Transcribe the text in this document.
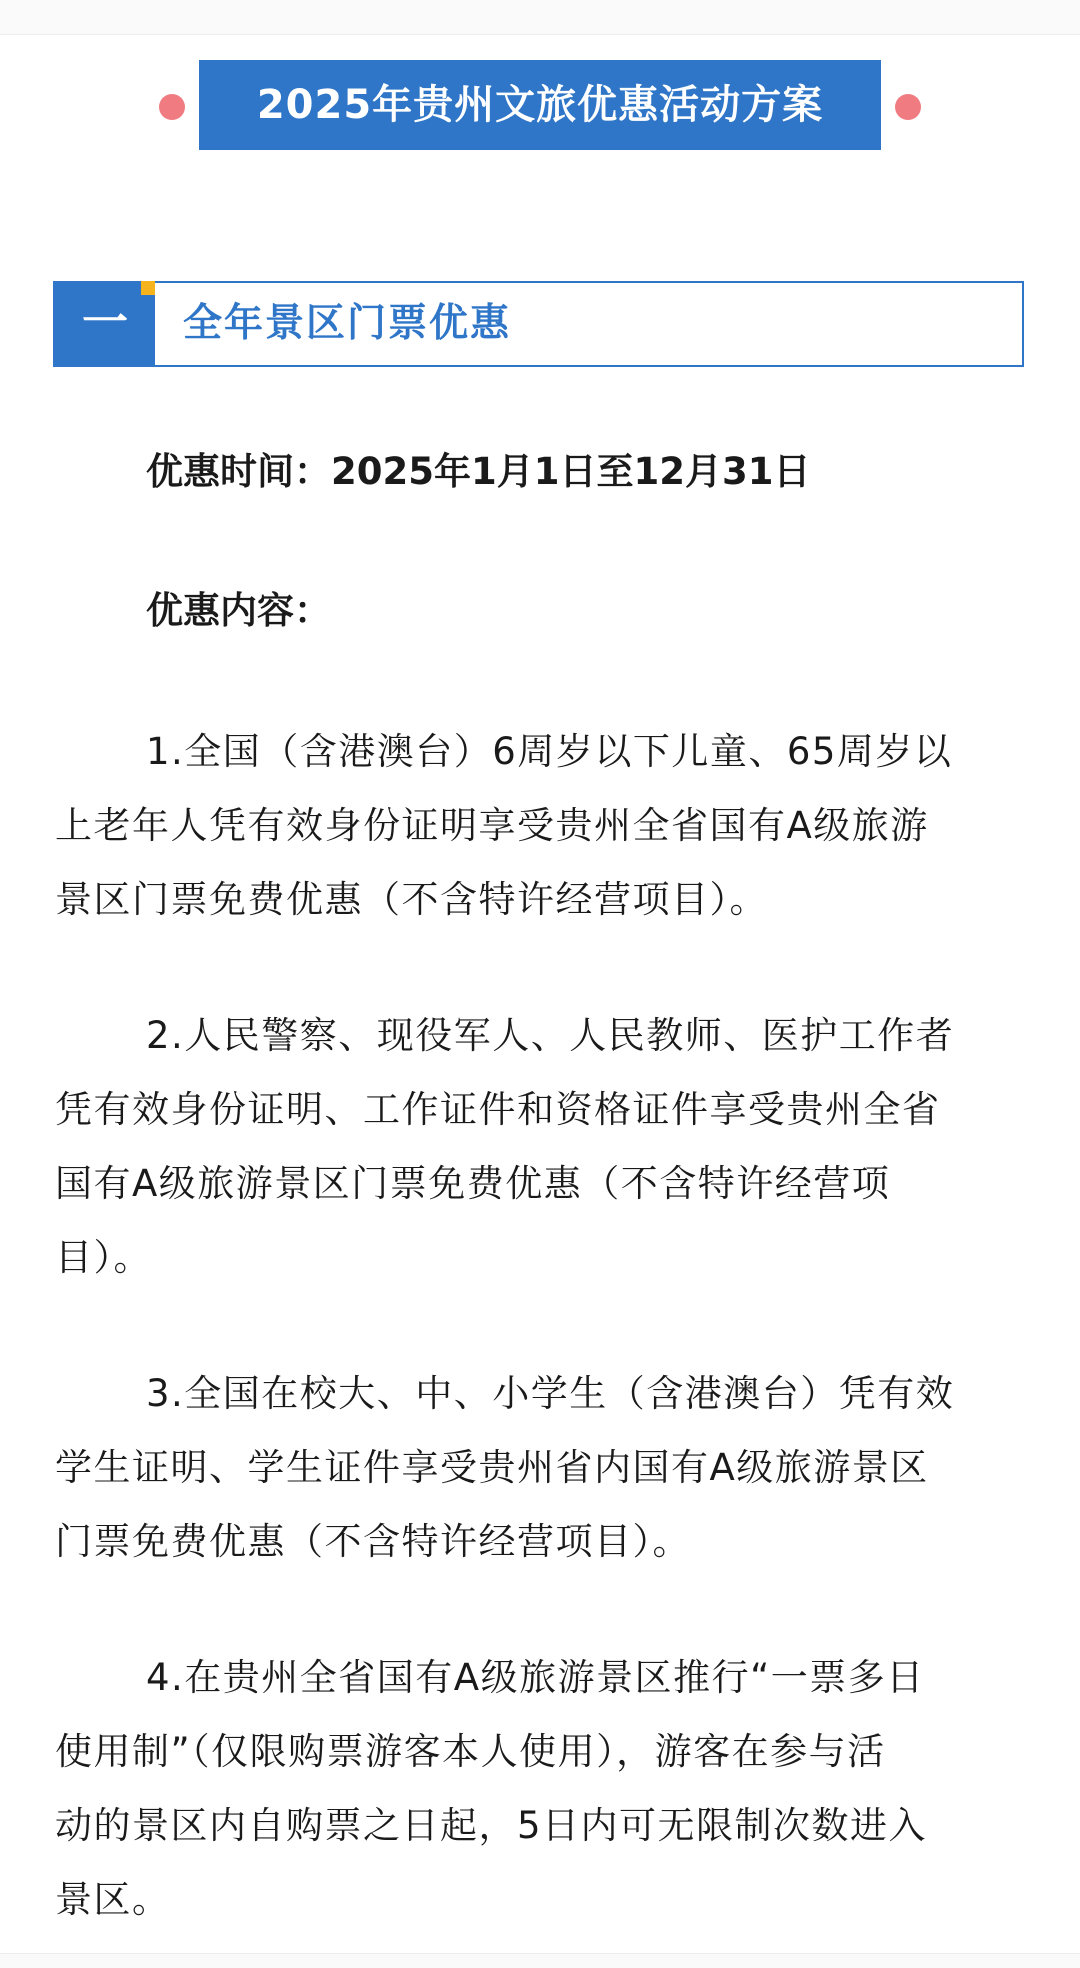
2025年贵州文旅优惠活动方案
一	全年景区门票优惠
优惠时间：2025年1月1日至12月31日
优惠内容：
1.全国（含港澳台）6周岁以下儿童、65周岁以
上老年人凭有效身份证明享受贵州全省国有A级旅游
景区门票免费优惠（不含特许经营项目）。
2.人民警察、现役军人、人民教师、医护工作者
凭有效身份证明、工作证件和资格证件享受贵州全省
国有A级旅游景区门票免费优惠（不含特许经营项
目）。
3.全国在校大、中、小学生（含港澳台）凭有效
学生证明、学生证件享受贵州省内国有A级旅游景区
门票免费优惠（不含特许经营项目）。
4.在贵州全省国有A级旅游景区推行“一票多日
使用制”（仅限购票游客本人使用），游客在参与活
动的景区内自购票之日起，5日内可无限制次数进入
景区。
